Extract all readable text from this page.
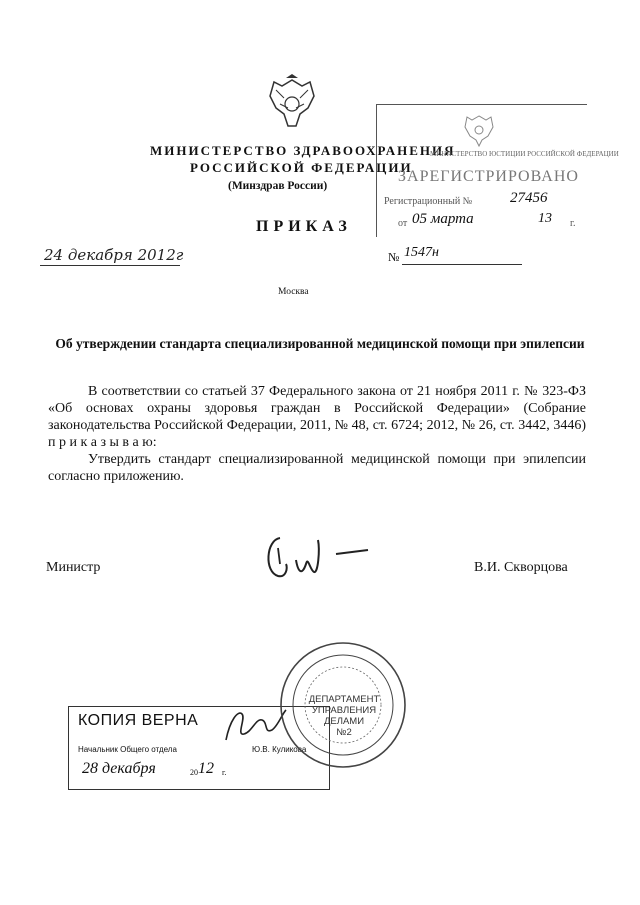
МИНИСТЕРСТВО ЗДРАВООХРАНЕНИЯ
РОССИЙСКОЙ ФЕДЕРАЦИИ
(Минздрав России)
ПРИКАЗ
24 декабря 2012г	№ 1547н
Москва
МИНИСТЕРСТВО ЮСТИЦИИ РОССИЙСКОЙ ФЕДЕРАЦИИ
ЗАРЕГИСТРИРОВАНО
Регистрационный №	27456
от 05 марта	13 г.
Об утверждении стандарта специализированной медицинской помощи при эпилепсии

В соответствии со статьей 37 Федерального закона от 21 ноября 2011 г. № 323-ФЗ «Об основах охраны здоровья граждан в Российской Федерации» (Собрание законодательства Российской Федерации, 2011, № 48, ст. 6724; 2012, № 26, ст. 3442, 3446) п р и к а з ы в а ю:

Утвердить стандарт специализированной медицинской помощи при эпилепсии согласно приложению.

Министр	В.И. Скворцова
КОПИЯ ВЕРНА
Начальник Общего отдела	Ю.В. Куликова
28 декабря	20 12 г.
ДЕПАРТАМЕНТ
УПРАВЛЕНИЯ
ДЕЛАМИ
№2
